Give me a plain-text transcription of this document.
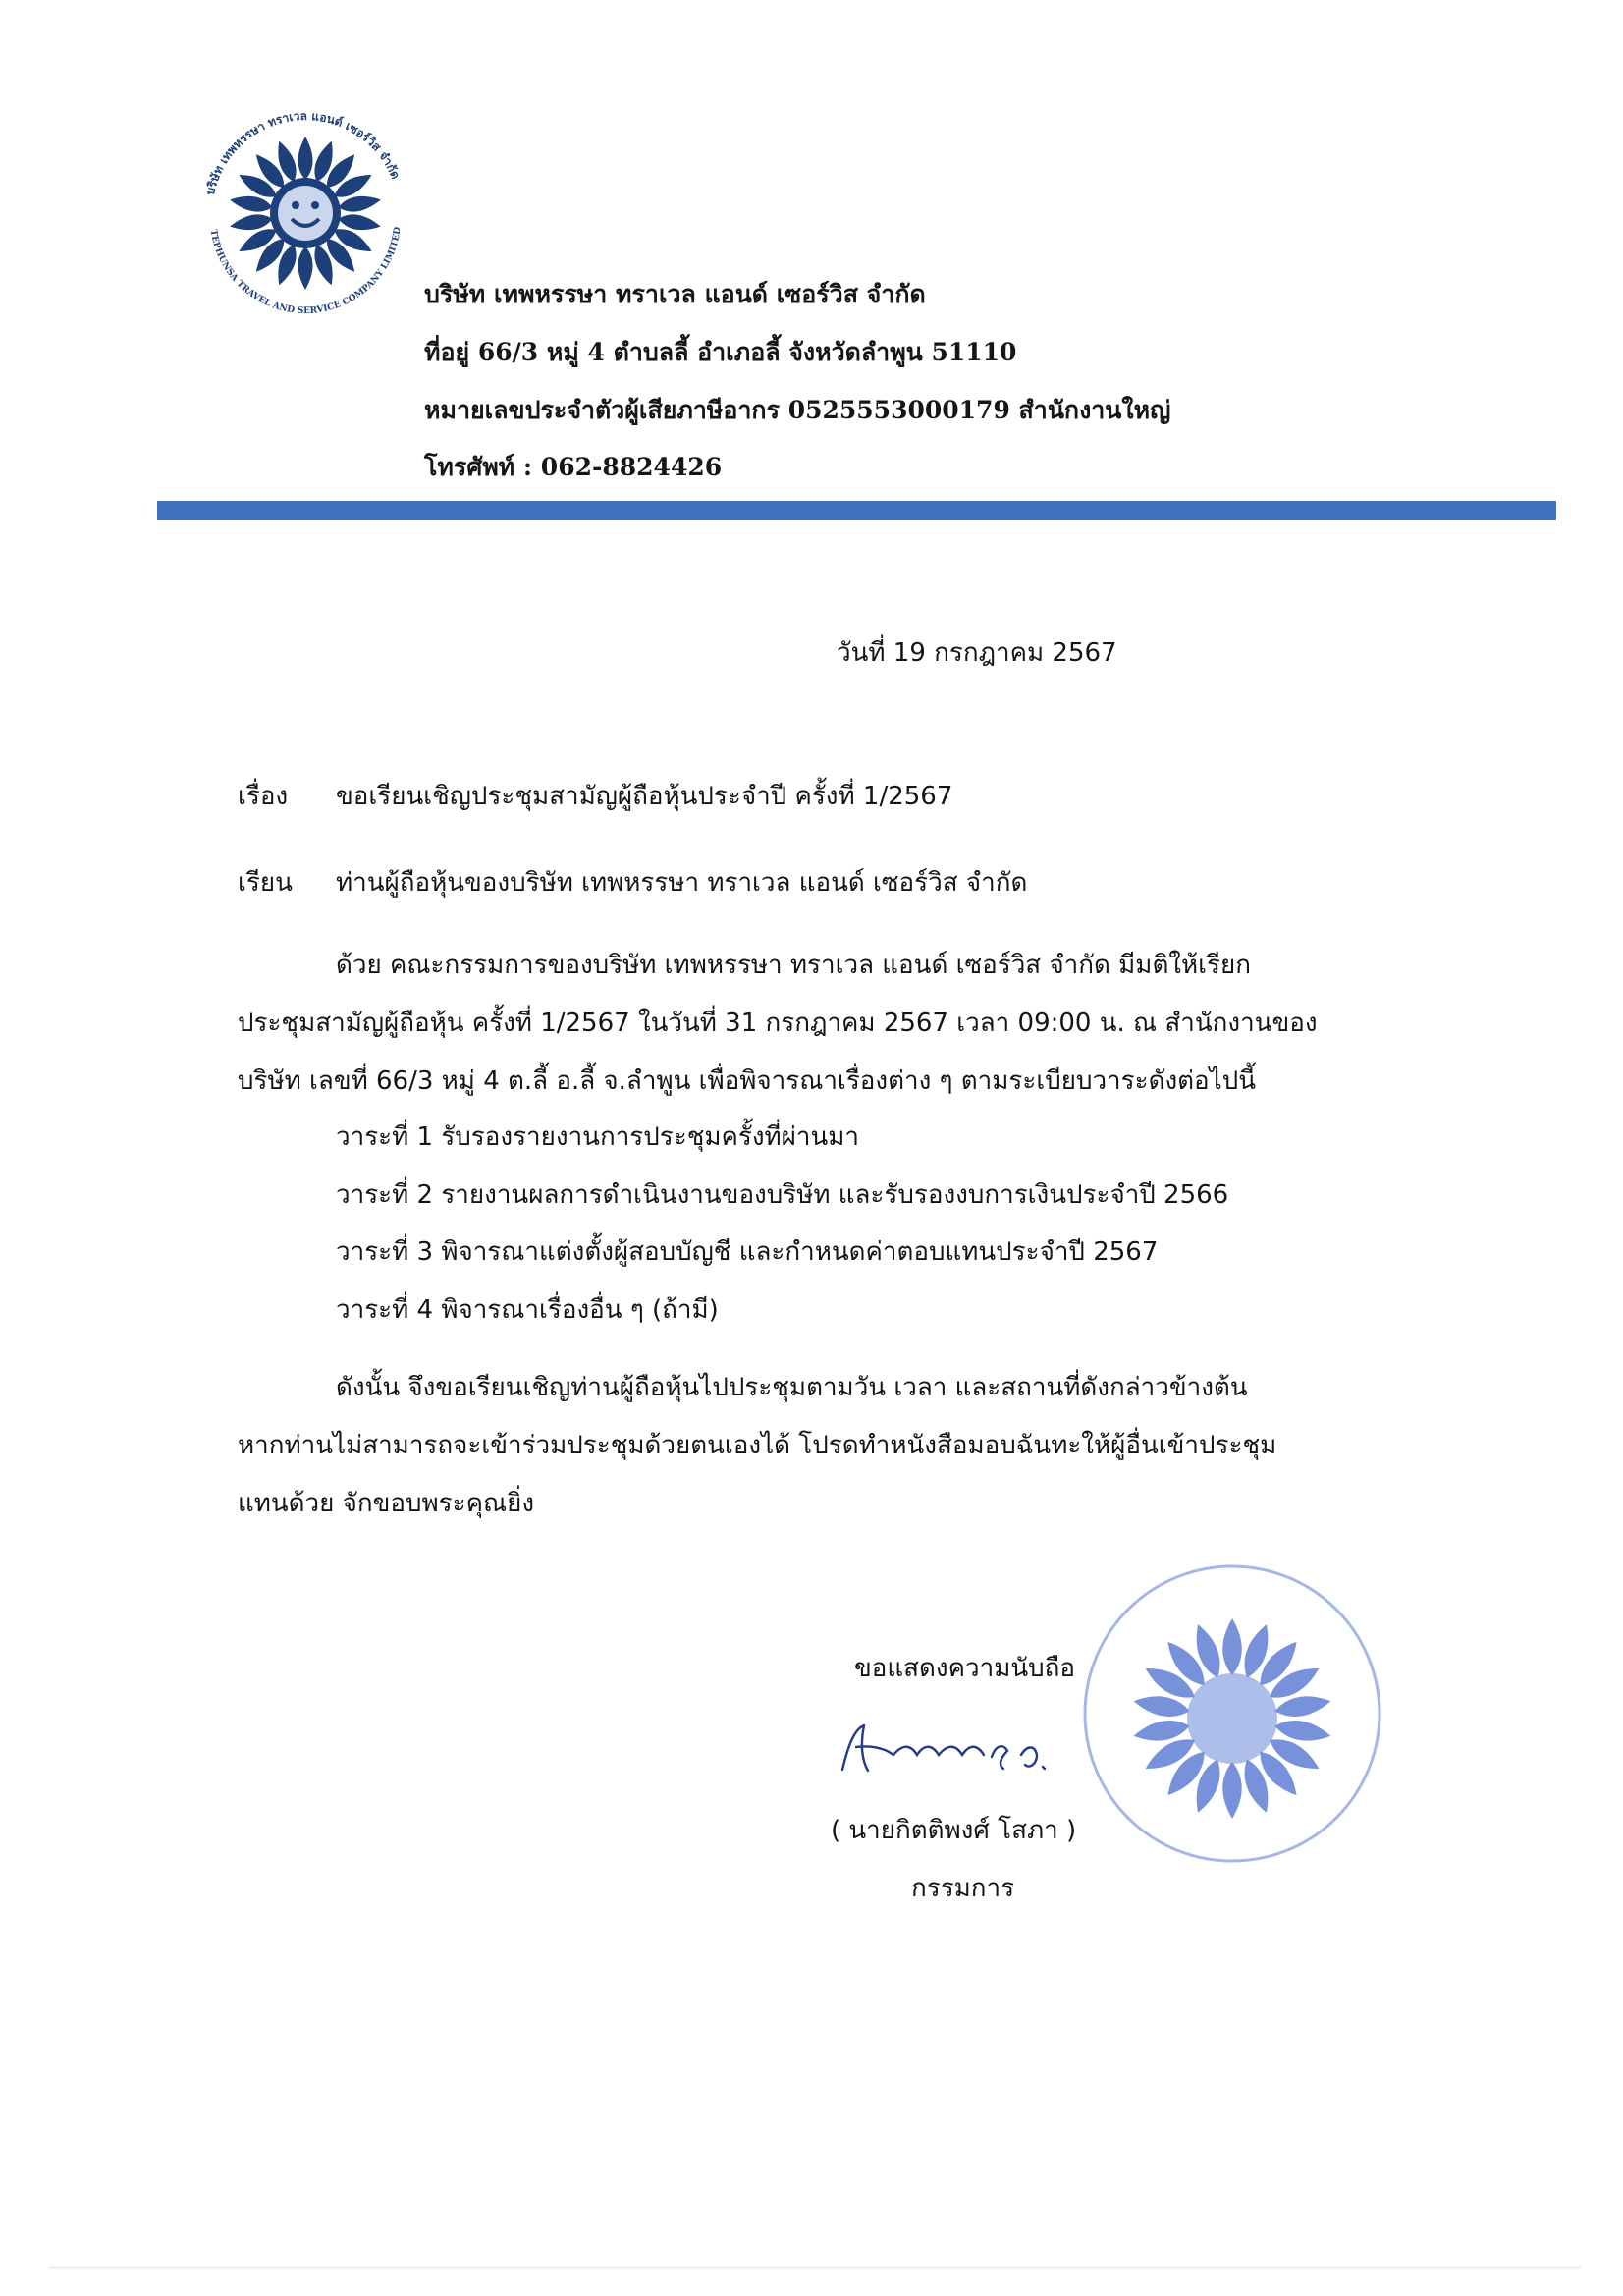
บริษัท เทพหรรษา ทราเวล แอนด์ เซอร์วิส จำกัด
TEPHUNSA TRAVEL AND SERVICE COMPANY LIMITED
บริษัท เทพหรรษา ทราเวล แอนด์ เซอร์วิส จำกัด
ที่อยู่ 66/3 หมู่ 4 ตำบลลี้ อำเภอลี้ จังหวัดลำพูน 51110
หมายเลขประจำตัวผู้เสียภาษีอากร 0525553000179 สำนักงานใหญ่
โทรศัพท์ : 062-8824426
วันที่ 19 กรกฎาคม 2567
เรื่อง ขอเรียนเชิญประชุมสามัญผู้ถือหุ้นประจำปี ครั้งที่ 1/2567
เรียน ท่านผู้ถือหุ้นของบริษัท เทพหรรษา ทราเวล แอนด์ เซอร์วิส จำกัด
ด้วย คณะกรรมการของบริษัท เทพหรรษา ทราเวล แอนด์ เซอร์วิส จำกัด มีมติให้เรียก
ประชุมสามัญผู้ถือหุ้น ครั้งที่ 1/2567 ในวันที่ 31 กรกฎาคม 2567 เวลา 09:00 น. ณ สำนักงานของ
บริษัท เลขที่ 66/3 หมู่ 4 ต.ลี้ อ.ลี้ จ.ลำพูน เพื่อพิจารณาเรื่องต่าง ๆ ตามระเบียบวาระดังต่อไปนี้
วาระที่ 1 รับรองรายงานการประชุมครั้งที่ผ่านมา
วาระที่ 2 รายงานผลการดำเนินงานของบริษัท และรับรองงบการเงินประจำปี 2566
วาระที่ 3 พิจารณาแต่งตั้งผู้สอบบัญชี และกำหนดค่าตอบแทนประจำปี 2567
วาระที่ 4 พิจารณาเรื่องอื่น ๆ (ถ้ามี)
ดังนั้น จึงขอเรียนเชิญท่านผู้ถือหุ้นไปประชุมตามวัน เวลา และสถานที่ดังกล่าวข้างต้น
หากท่านไม่สามารถจะเข้าร่วมประชุมด้วยตนเองได้ โปรดทำหนังสือมอบฉันทะให้ผู้อื่นเข้าประชุม
แทนด้วย จักขอบพระคุณยิ่ง
ขอแสดงความนับถือ
( นายกิตติพงศ์ โสภา )
กรรมการ
